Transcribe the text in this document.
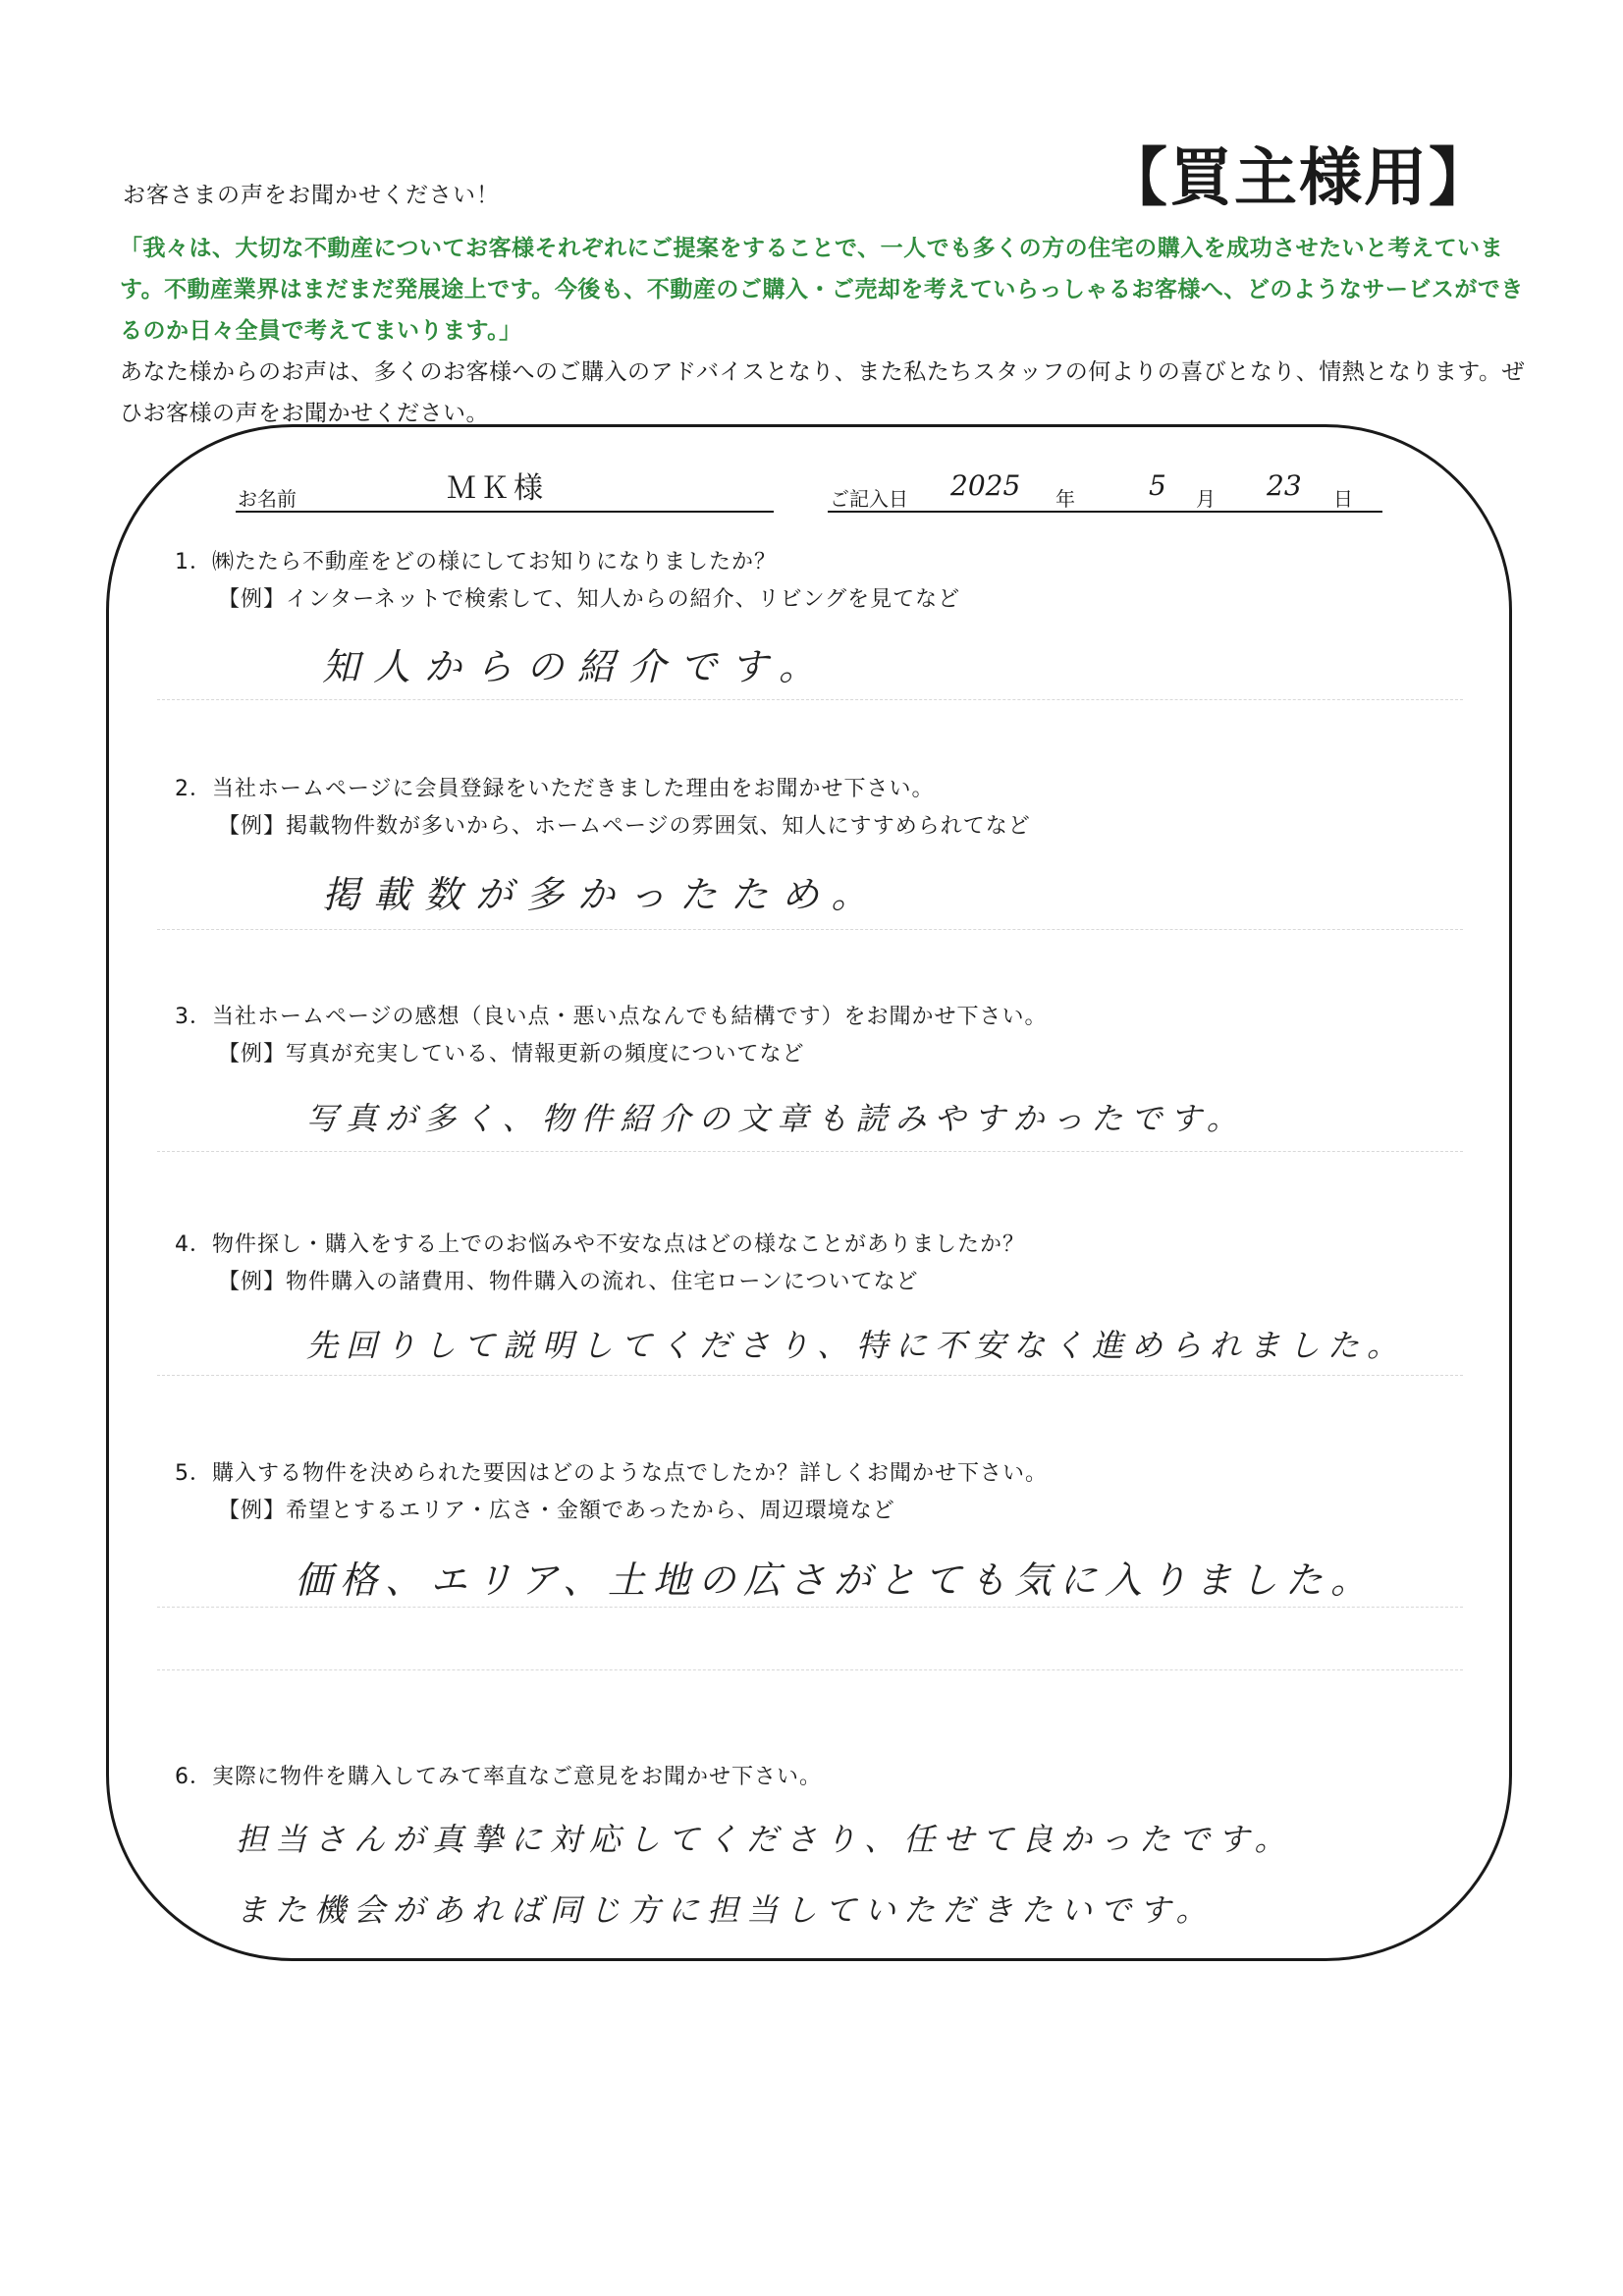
お客さまの声をお聞かせください！	【買主様用】
「我々は、大切な不動産についてお客様それぞれにご提案をすることで、一人でも多くの方の住宅の購入を成功させたいと考えています。不動産業界はまだまだ発展途上です。今後も、不動産のご購入・ご売却を考えていらっしゃるお客様へ、どのようなサービスができるのか日々全員で考えてまいります。」
あなた様からのお声は、多くのお客様へのご購入のアドバイスとなり、また私たちスタッフの何よりの喜びとなり、情熱となります。ぜひお客様の声をお聞かせください。
お名前	ＭＫ様	ご記入日 2025 年	5 月 23 日
1．㈱たたら不動産をどの様にしてお知りになりましたか？
【例】インターネットで検索して、知人からの紹介、リビングを見てなど
知人からの紹介です。
2．当社ホームページに会員登録をいただきました理由をお聞かせ下さい。
【例】掲載物件数が多いから、ホームページの雰囲気、知人にすすめられてなど
掲載数が多かったため。
3．当社ホームページの感想（良い点・悪い点なんでも結構です）をお聞かせ下さい。
【例】写真が充実している、情報更新の頻度についてなど
写真が多く、物件紹介の文章も読みやすかったです。
4．物件探し・購入をする上でのお悩みや不安な点はどの様なことがありましたか？
【例】物件購入の諸費用、物件購入の流れ、住宅ローンについてなど
先回りして説明してくださり、特に不安なく進められました。
5．購入する物件を決められた要因はどのような点でしたか？詳しくお聞かせ下さい。
【例】希望とするエリア・広さ・金額であったから、周辺環境など
価格、エリア、土地の広さがとても気に入りました。
6．実際に物件を購入してみて率直なご意見をお聞かせ下さい。
担当さんが真摯に対応してくださり、任せて良かったです。
また機会があれば同じ方に担当していただきたいです。
